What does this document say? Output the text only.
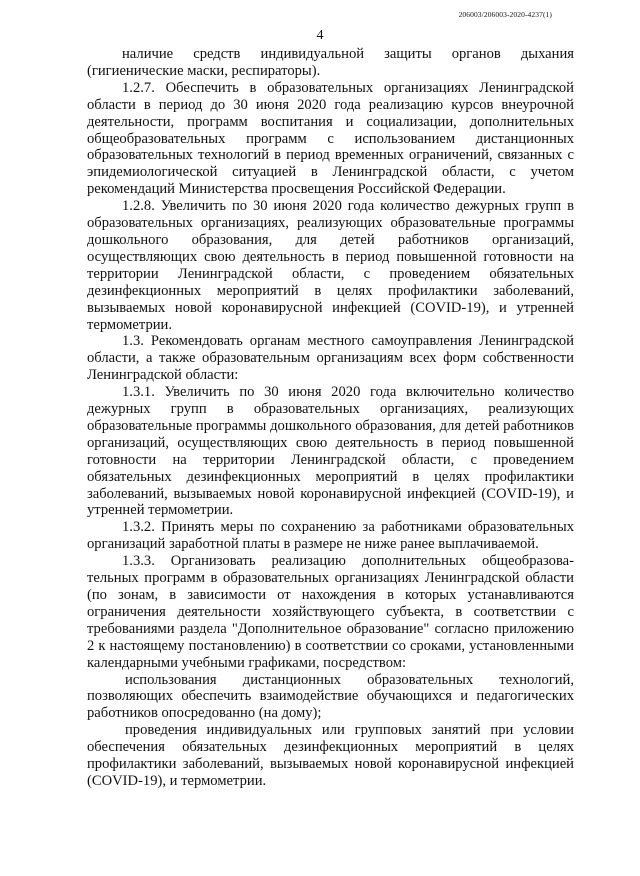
206003/206003-2020-4237(1)
4

наличие средств индивидуальной защиты органов дыхания (гигиенические маски, респираторы).

1.2.7. Обеспечить в образовательных организациях Ленинградской области в период до 30 июня 2020 года реализацию курсов внеурочной деятельности, программ воспитания и социализации, дополнительных общеобразовательных программ с использованием дистанционных образовательных технологий в период временных ограничений, связанных с эпидемиологической ситуацией в Ленинградской области, с учетом рекомендаций Министерства просвещения Российской Федерации.

1.2.8. Увеличить по 30 июня 2020 года количество дежурных групп в образовательных организациях, реализующих образовательные программы дошкольного образования, для детей работников организаций, осуществляющих свою деятельность в период повышенной готовности на территории Ленинградской области, с проведением обязательных дезинфекционных мероприятий в целях профилактики заболеваний, вызываемых новой коронавирусной инфекцией (COVID-19), и утренней термометрии.

1.3. Рекомендовать органам местного самоуправления Ленинградской области, а также образовательным организациям всех форм собственности Ленинградской области:

1.3.1. Увеличить по 30 июня 2020 года включительно количество дежурных групп в образовательных организациях, реализующих образовательные программы дошкольного образования, для детей работников организаций, осуществляющих свою деятельность в период повышенной готовности на территории Ленинградской области, с проведением обязательных дезинфекционных мероприятий в целях профилактики заболеваний, вызываемых новой коронавирусной инфекцией (COVID-19), и утренней термометрии.

1.3.2. Принять меры по сохранению за работниками образовательных организаций заработной платы в размере не ниже ранее выплачиваемой.

1.3.3. Организовать реализацию дополнительных общеобразова-тельных программ в образовательных организациях Ленинградской области (по зонам, в зависимости от нахождения в которых устанавливаются ограничения деятельности хозяйствующего субъекта, в соответствии с требованиями раздела "Дополнительное образование" согласно приложению 2 к настоящему постановлению) в соответствии со сроками, установленными календарными учебными графиками, посредством:

использования дистанционных образовательных технологий, позволяющих обеспечить взаимодействие обучающихся и педагогических работников опосредованно (на дому);

проведения индивидуальных или групповых занятий при условии обеспечения обязательных дезинфекционных мероприятий в целях профилактики заболеваний, вызываемых новой коронавирусной инфекцией (COVID-19), и термометрии.
